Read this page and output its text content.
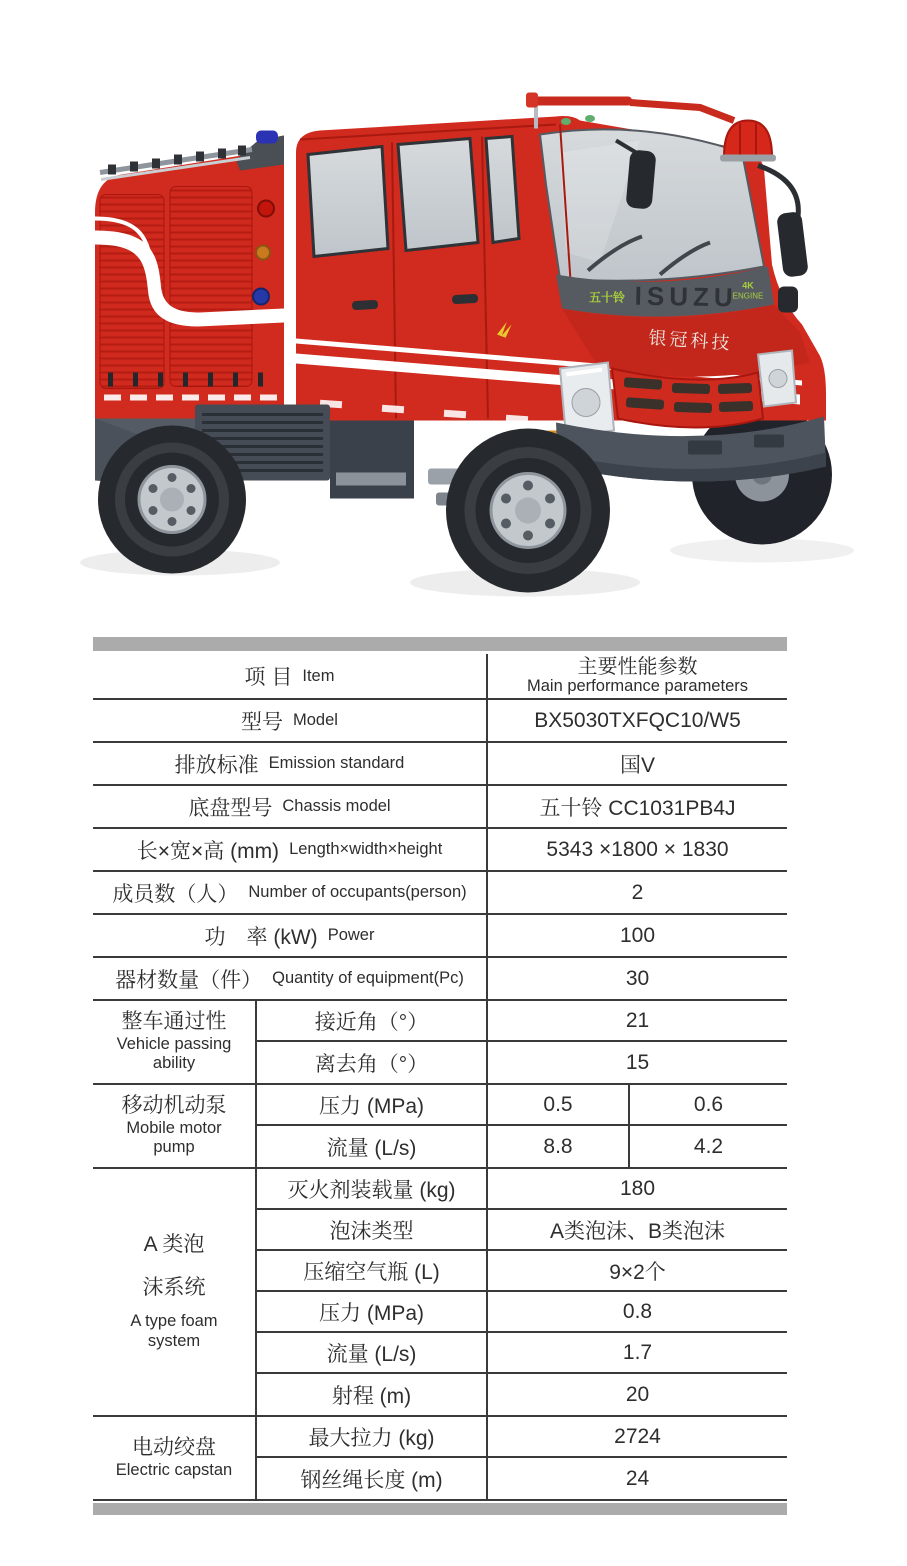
ISUZU
五十铃
4K
ENGINE
银冠科技
项 目 Item	主要性能参数
Main performance parameters
型号 Model	BX5030TXFQC10/W5
排放标准 Emission standard	国V
底盘型号 Chassis model	五十铃 CC1031PB4J
长×宽×高 (mm) Length×width×height	5343 ×1800 × 1830
成员数（人） Number of occupants(person)	2
功　率 (kW) Power	100
器材数量（件） Quantity of equipment(Pc)	30
整车通过性
Vehicle passing
ability
接近角（°）	21
离去角（°）	15
移动机动泵
Mobile motor
pump
压力 (MPa)	0.5	0.6
流量 (L/s)	8.8	4.2
A 类泡
沫系统
A type foam
system
灭火剂装载量 (kg)	180
泡沫类型	A类泡沫、B类泡沫
压缩空气瓶 (L)	9×2个
压力 (MPa)	0.8
流量 (L/s)	1.7
射程 (m)	20
电动绞盘
Electric capstan
最大拉力 (kg)	2724
钢丝绳长度 (m)	24
